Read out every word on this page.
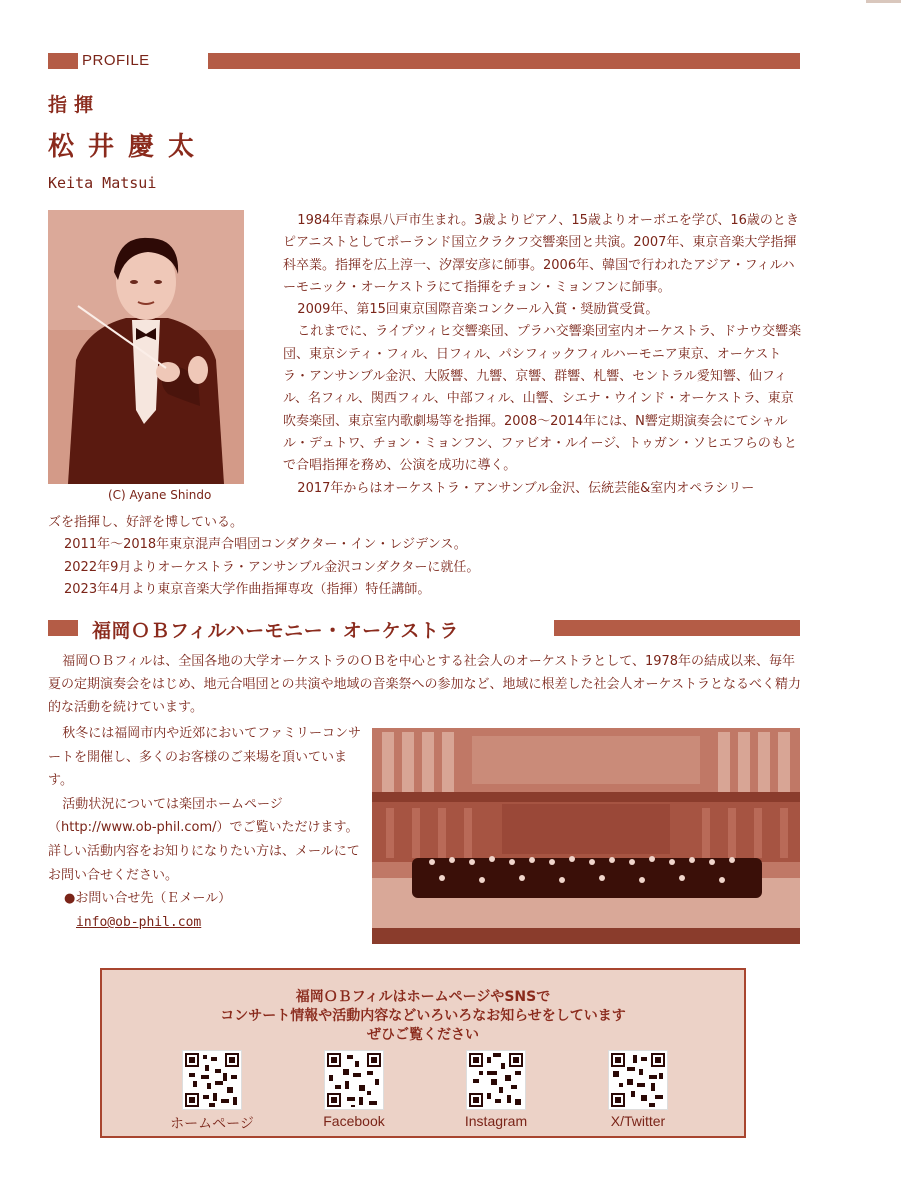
PROFILE
指揮
松井慶太
Keita Matsui
(C) Ayane Shindo

1984年青森県八戸市生まれ。3歳よりピアノ、15歳よりオーボエを学び、16歳のときピアニストとしてポーランド国立クラクフ交響楽団と共演。2007年、東京音楽大学指揮科卒業。指揮を広上淳一、汐澤安彦に師事。2006年、韓国で行われたアジア・フィルハーモニック・オーケストラにて指揮をチョン・ミョンフンに師事。

2009年、第15回東京国際音楽コンクール入賞・奨励賞受賞。

これまでに、ライプツィヒ交響楽団、プラハ交響楽団室内オーケストラ、ドナウ交響楽団、東京シティ・フィル、日フィル、パシフィックフィルハーモニア東京、オーケストラ・アンサンブル金沢、大阪響、九響、京響、群響、札響、セントラル愛知響、仙フィル、名フィル、関西フィル、中部フィル、山響、シエナ・ウインド・オーケストラ、東京吹奏楽団、東京室内歌劇場等を指揮。2008〜2014年には、N響定期演奏会にてシャルル・デュトワ、チョン・ミョンフン、ファビオ・ルイージ、トゥガン・ソヒエフらのもとで合唱指揮を務め、公演を成功に導く。

2017年からはオーケストラ・アンサンブル金沢、伝統芸能&室内オペラシリー

ズを指揮し、好評を博している。

2011年〜2018年東京混声合唱団コンダクター・イン・レジデンス。

2022年9月よりオーケストラ・アンサンブル金沢コンダクターに就任。

2023年4月より東京音楽大学作曲指揮専攻（指揮）特任講師。

福岡ＯＢフィルハーモニー・オーケストラ

福岡ＯＢフィルは、全国各地の大学オーケストラのＯＢを中心とする社会人のオーケストラとして、1978年の結成以来、毎年夏の定期演奏会をはじめ、地元合唱団との共演や地域の音楽祭への参加など、地域に根差した社会人オーケストラとなるべく精力的な活動を続けています。

秋冬には福岡市内や近郊においてファミリーコンサートを開催し、多くのお客様のご来場を頂いています。

活動状況については楽団ホームページ（http://www.ob-phil.com/）でご覧いただけます。詳しい活動内容をお知りになりたい方は、メールにてお問い合せください。

●お問い合せ先（Ｅメール）

info@ob-phil.com

福岡ＯＢフィルはホームページやSNSで
コンサート情報や活動内容などいろいろなお知らせをしています
ぜひご覧ください
ホームページ	Facebook	Instagram	X/Twitter
